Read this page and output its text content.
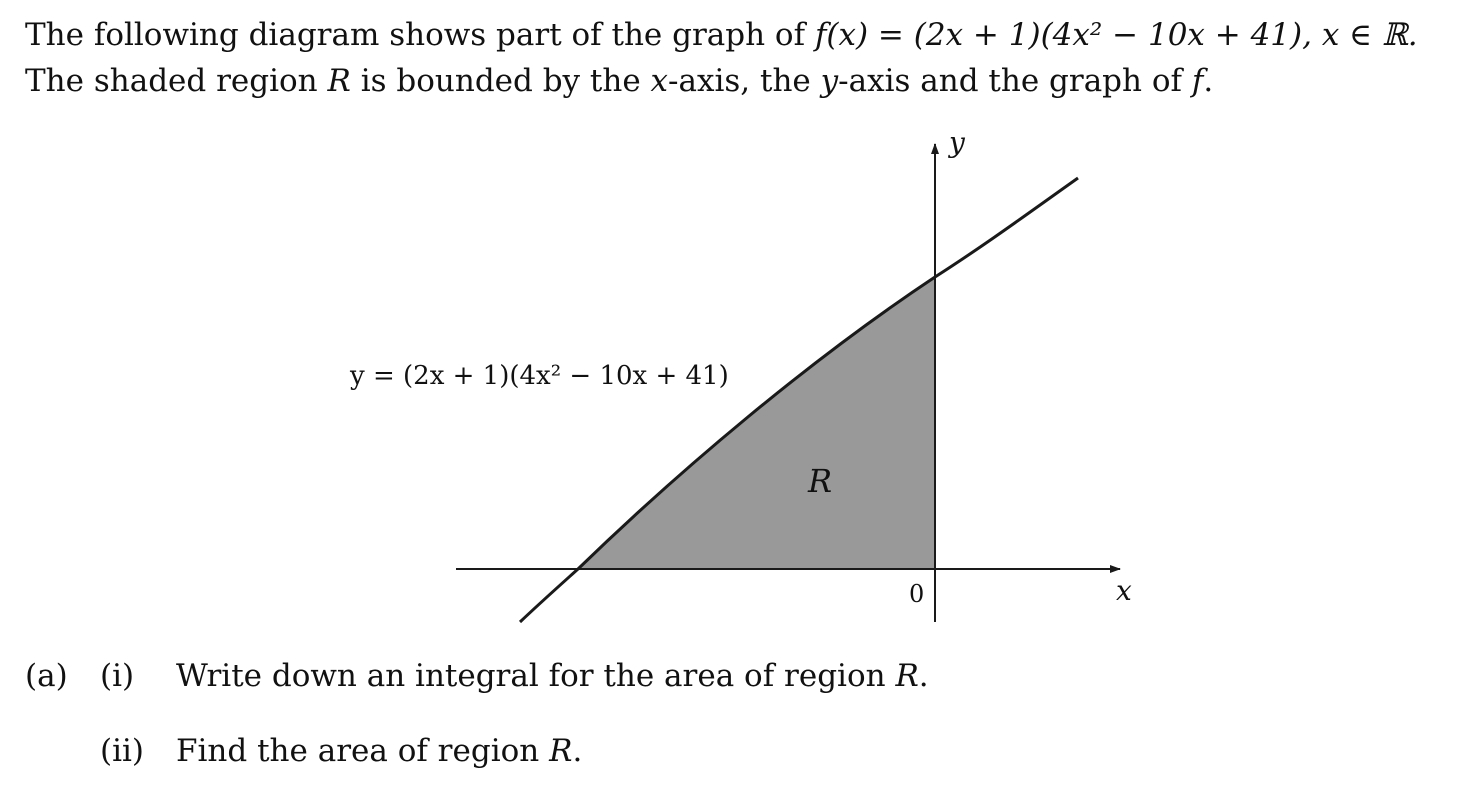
The following diagram shows part of the graph of f(x) = (2x + 1)(4x² − 10x + 41), x ∈ ℝ. The shaded region R is bounded by the x-axis, the y-axis and the graph of f.

y
x
0
R
y = (2x + 1)(4x² − 10x + 41)
(a) (i) Write down an integral for the area of region R.
(ii) Find the area of region R.
